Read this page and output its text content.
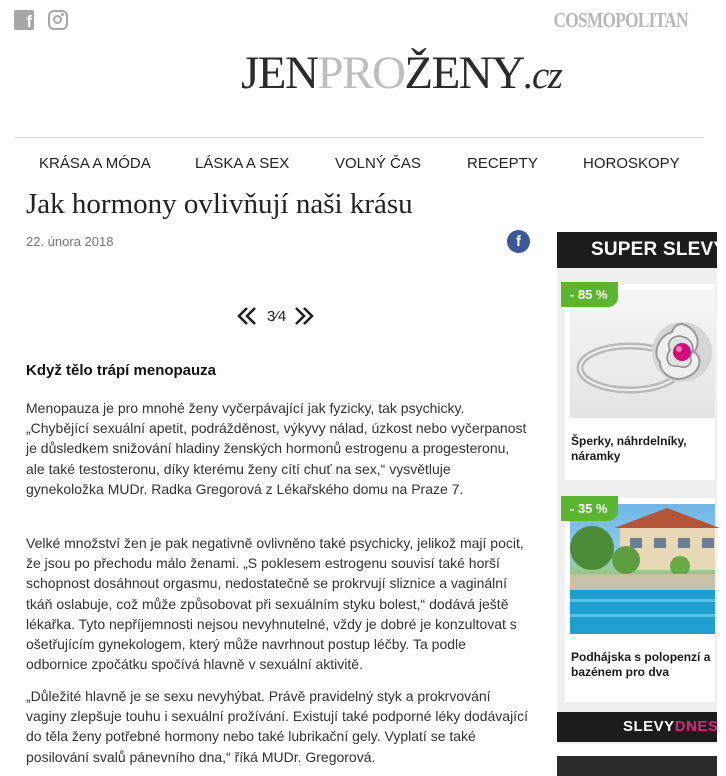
f
COSMOPOLITAN
JENPROŽENY.cz
KRÁSA A MÓDA	LÁSKA A SEX	VOLNÝ ČAS	RECEPTY	HOROSKOPY
Jak hormony ovlivňují naši krásu
22. února 2018	f
3⁄4
Když tělo trápí menopauza

Menopauza je pro mnohé ženy vyčerpávající jak fyzicky, tak psychicky. „Chybějící sexuální apetit, podrážděnost, výkyvy nálad, úzkost nebo vyčerpanost je důsledkem snižování hladiny ženských hormonů estrogenu a progesteronu, ale také testosteronu, díky kterému ženy cítí chuť na sex,“ vysvětluje gynekoložka MUDr. Radka Gregorová z Lékařského domu na Praze 7.

Velké množství žen je pak negativně ovlivněno také psychicky, jelikož mají pocit, že jsou po přechodu málo ženami. „S poklesem estrogenu souvisí také horší schopnost dosáhnout orgasmu, nedostatečně se prokrvují sliznice a vaginální tkáň oslabuje, což může způsobovat při sexuálním styku bolest,“ dodává ještě lékařka. Tyto nepříjemnosti nejsou nevyhnutelné, vždy je dobré je konzultovat s ošetřujícím gynekologem, který může navrhnout postup léčby. Ta podle odbornice zpočátku spočívá hlavně v sexuální aktivitě.

„Důležité hlavně je se sexu nevyhýbat. Právě pravidelný styk a prokrvování vaginy zlepšuje touhu i sexuální prožívání. Existují také podporné léky dodávající do těla ženy potřebné hormony nebo také lubrikační gely. Vyplatí se také posilování svalů pánevního dna,“ říká MUDr. Gregorová.

SUPER SLEVY
- 85 %
Šperky, náhrdelníky, náramky
- 35 %
Podhájska s polopenzí a bazénem pro dva
SLEVYDNES
